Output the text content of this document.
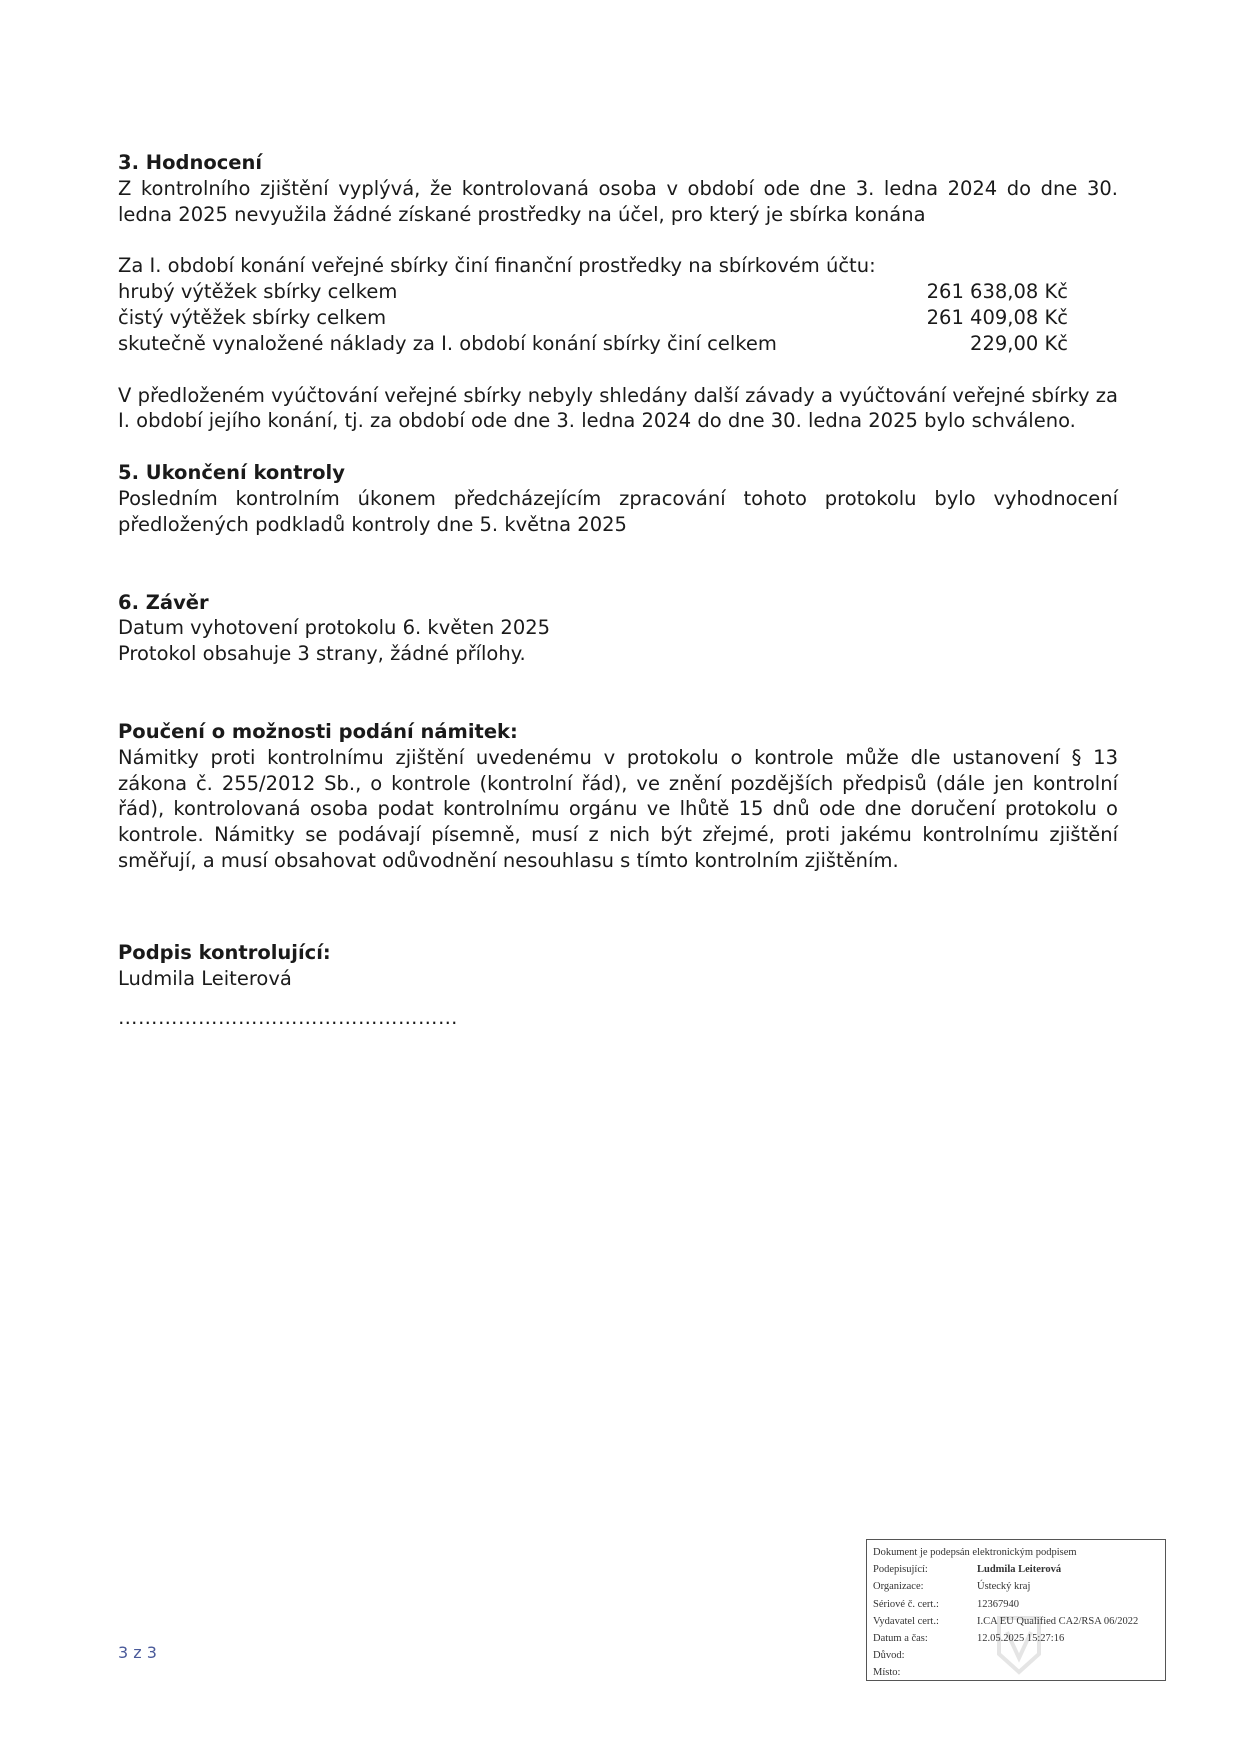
3. Hodnocení
Z kontrolního zjištění vyplývá, že kontrolovaná osoba v období ode dne 3. ledna 2024 do dne 30. ledna 2025 nevyužila žádné získané prostředky na účel, pro který je sbírka konána
Za I. období konání veřejné sbírky činí finanční prostředky na sbírkovém účtu:
hrubý výtěžek sbírky celkem	261 638,08 Kč
čistý výtěžek sbírky celkem	261 409,08 Kč
skutečně vynaložené náklady za I. období konání sbírky činí celkem	229,00 Kč
V předloženém vyúčtování veřejné sbírky nebyly shledány další závady a vyúčtování veřejné sbírky za I. období jejího konání, tj. za období ode dne 3. ledna 2024 do dne 30. ledna 2025 bylo schváleno.
5. Ukončení kontroly
Posledním kontrolním úkonem předcházejícím zpracování tohoto protokolu bylo vyhodnocení předložených podkladů kontroly dne 5. května 2025
6. Závěr
Datum vyhotovení protokolu 6. květen 2025
Protokol obsahuje 3 strany, žádné přílohy.
Poučení o možnosti podání námitek:
Námitky proti kontrolnímu zjištění uvedenému v protokolu o kontrole může dle ustanovení § 13 zákona č. 255/2012 Sb., o kontrole (kontrolní řád), ve znění pozdějších předpisů (dále jen kontrolní řád), kontrolovaná osoba podat kontrolnímu orgánu ve lhůtě 15 dnů ode dne doručení protokolu o kontrole. Námitky se podávají písemně, musí z nich být zřejmé, proti jakému kontrolnímu zjištění směřují, a musí obsahovat odůvodnění nesouhlasu s tímto kontrolním zjištěním.
Podpis kontrolující:
Ludmila Leiterová
……………………………………………
3 z 3
Dokument je podepsán elektronickým podpisem
Podepisující:	Ludmila Leiterová
Organizace:	Ústecký kraj
Sériové č. cert.:	12367940
Vydavatel cert.:	I.CA EU Qualified CA2/RSA 06/2022
Datum a čas:	12.05.2025 15:27:16
Důvod:
Místo:
